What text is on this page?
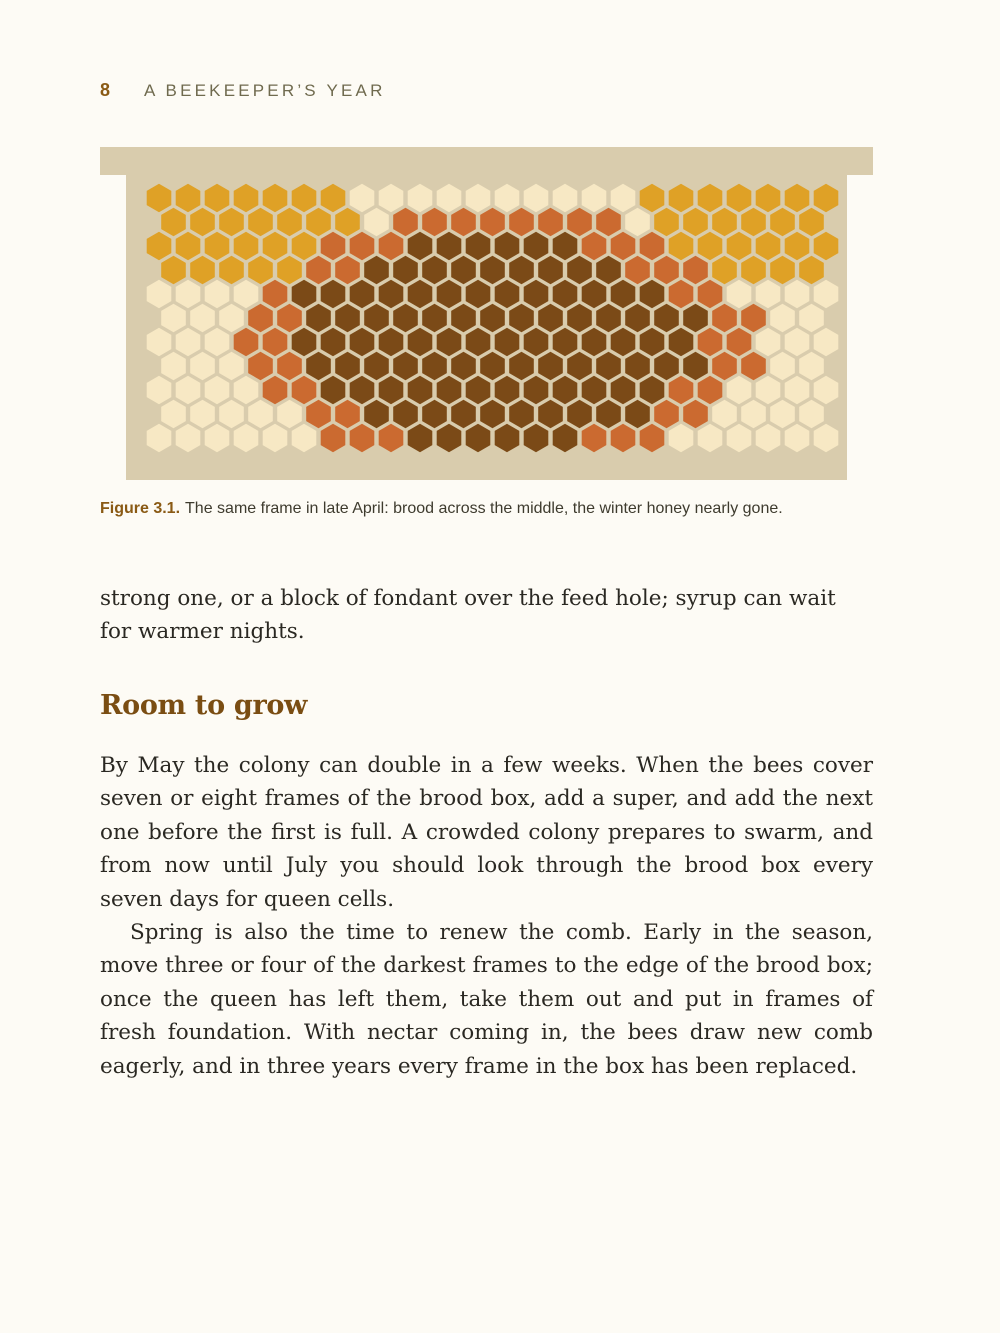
8 A BEEKEEPER’S YEAR
Figure 3.1. The same frame in late April: brood across the middle, the winter honey nearly gone.

strong one, or a block of fondant over the feed hole; syrup can wait for warmer nights.

Room to grow

By May the colony can double in a few weeks. When the bees cover seven or eight frames of the brood box, add a super, and add the next one before the first is full. A crowded colony prepares to swarm, and from now until July you should look through the brood box every seven days for queen cells.

Spring is also the time to renew the comb. Early in the season, move three or four of the darkest frames to the edge of the brood box; once the queen has left them, take them out and put in frames of fresh foundation. With nectar coming in, the bees draw new comb eagerly, and in three years every frame in the box has been replaced.
